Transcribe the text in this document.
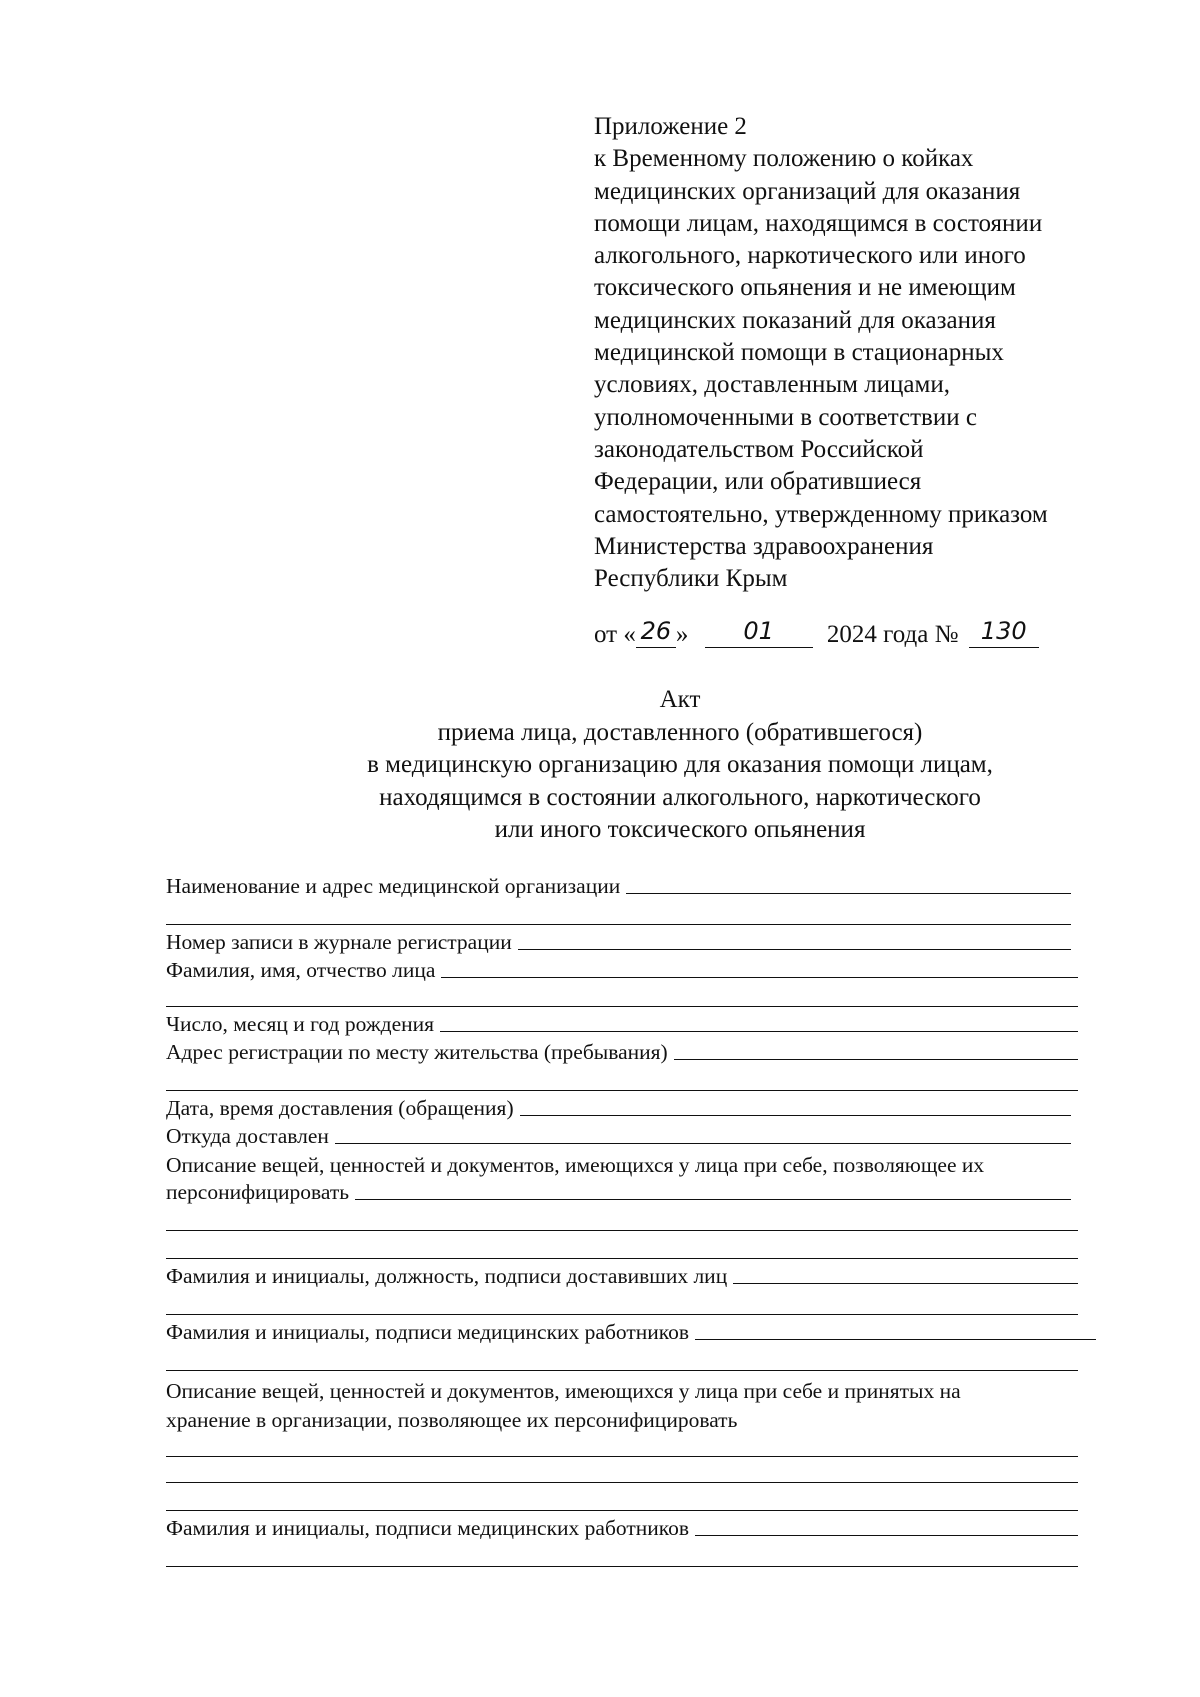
Приложение 2
к Временному положению о койках
медицинских организаций для оказания
помощи лицам, находящимся в состоянии
алкогольного, наркотического или иного
токсического опьянения и не имеющим
медицинских показаний для оказания
медицинской помощи в стационарных
условиях, доставленным лицами,
уполномоченными в соответствии с
законодательством Российской
Федерации, или обратившиеся
самостоятельно, утвержденному приказом
Министерства здравоохранения
Республики Крым
от « 26 » 01 2024 года № 130
Акт
приема лица, доставленного (обратившегося)
в медицинскую организацию для оказания помощи лицам,
находящимся в состоянии алкогольного, наркотического
или иного токсического опьянения
Наименование и адрес медицинской организации
Номер записи в журнале регистрации
Фамилия, имя, отчество лица
Число, месяц и год рождения
Адрес регистрации по месту жительства (пребывания)
Дата, время доставления (обращения)
Откуда доставлен
Описание вещей, ценностей и документов, имеющихся у лица при себе, позволяющее их
персонифицировать
Фамилия и инициалы, должность, подписи доставивших лиц
Фамилия и инициалы, подписи медицинских работников
Описание вещей, ценностей и документов, имеющихся у лица при себе и принятых на
хранение в организации, позволяющее их персонифицировать
Фамилия и инициалы, подписи медицинских работников
